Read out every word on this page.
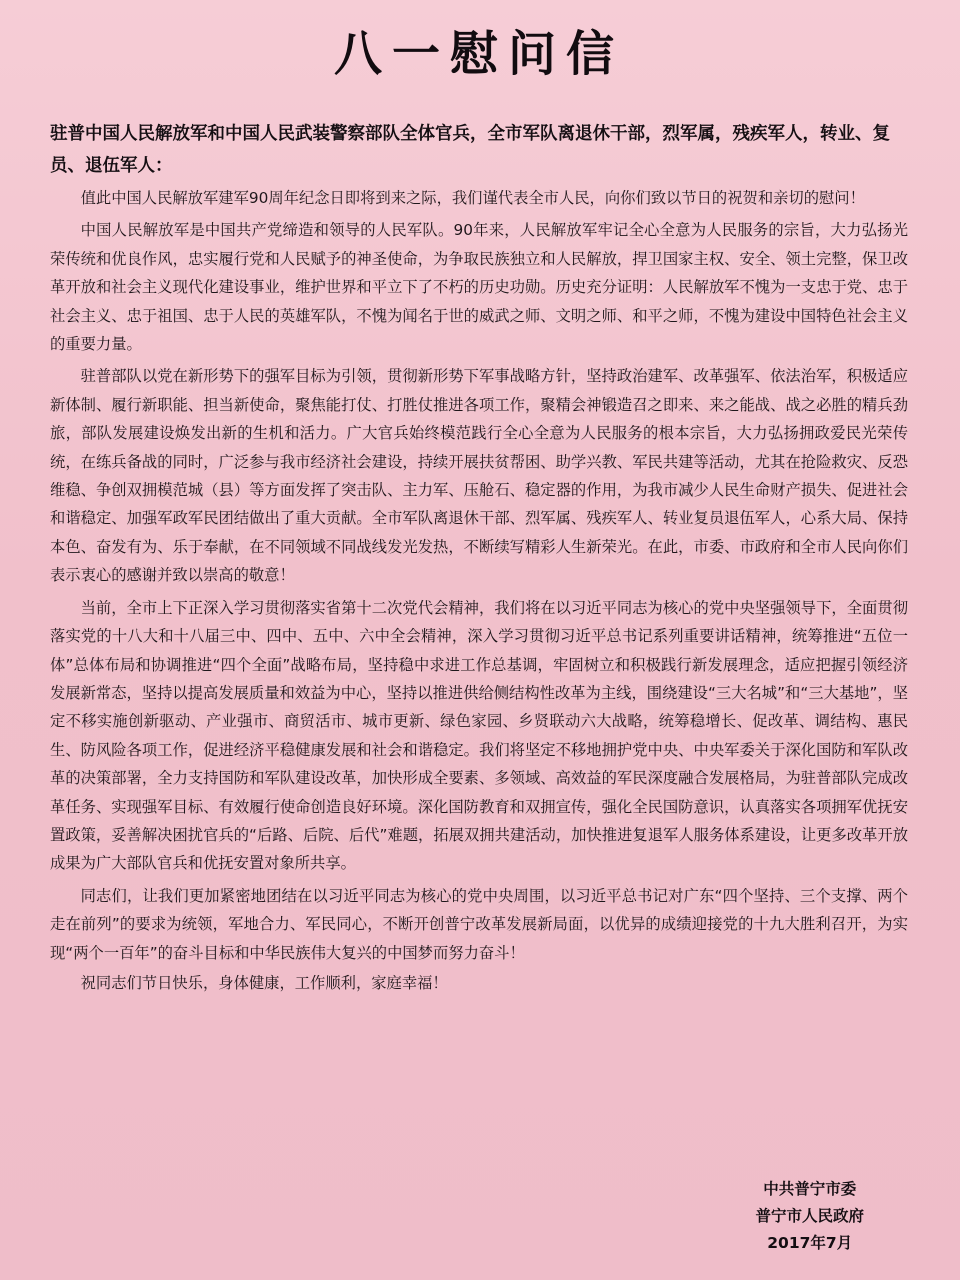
八一慰问信

驻普中国人民解放军和中国人民武装警察部队全体官兵，全市军队离退休干部，烈军属，残疾军人，转业、复员、退伍军人：

值此中国人民解放军建军90周年纪念日即将到来之际，我们谨代表全市人民，向你们致以节日的祝贺和亲切的慰问！

中国人民解放军是中国共产党缔造和领导的人民军队。90年来，人民解放军牢记全心全意为人民服务的宗旨，大力弘扬光荣传统和优良作风，忠实履行党和人民赋予的神圣使命，为争取民族独立和人民解放，捍卫国家主权、安全、领土完整，保卫改革开放和社会主义现代化建设事业，维护世界和平立下了不朽的历史功勋。历史充分证明：人民解放军不愧为一支忠于党、忠于社会主义、忠于祖国、忠于人民的英雄军队，不愧为闻名于世的威武之师、文明之师、和平之师，不愧为建设中国特色社会主义的重要力量。

驻普部队以党在新形势下的强军目标为引领，贯彻新形势下军事战略方针，坚持政治建军、改革强军、依法治军，积极适应新体制、履行新职能、担当新使命，聚焦能打仗、打胜仗推进各项工作，聚精会神锻造召之即来、来之能战、战之必胜的精兵劲旅，部队发展建设焕发出新的生机和活力。广大官兵始终模范践行全心全意为人民服务的根本宗旨，大力弘扬拥政爱民光荣传统，在练兵备战的同时，广泛参与我市经济社会建设，持续开展扶贫帮困、助学兴教、军民共建等活动，尤其在抢险救灾、反恐维稳、争创双拥模范城（县）等方面发挥了突击队、主力军、压舱石、稳定器的作用，为我市减少人民生命财产损失、促进社会和谐稳定、加强军政军民团结做出了重大贡献。全市军队离退休干部、烈军属、残疾军人、转业复员退伍军人，心系大局、保持本色、奋发有为、乐于奉献，在不同领域不同战线发光发热，不断续写精彩人生新荣光。在此，市委、市政府和全市人民向你们表示衷心的感谢并致以崇高的敬意！

当前，全市上下正深入学习贯彻落实省第十二次党代会精神，我们将在以习近平同志为核心的党中央坚强领导下，全面贯彻落实党的十八大和十八届三中、四中、五中、六中全会精神，深入学习贯彻习近平总书记系列重要讲话精神，统筹推进“五位一体”总体布局和协调推进“四个全面”战略布局，坚持稳中求进工作总基调，牢固树立和积极践行新发展理念，适应把握引领经济发展新常态，坚持以提高发展质量和效益为中心，坚持以推进供给侧结构性改革为主线，围绕建设“三大名城”和“三大基地”，坚定不移实施创新驱动、产业强市、商贸活市、城市更新、绿色家园、乡贤联动六大战略，统筹稳增长、促改革、调结构、惠民生、防风险各项工作，促进经济平稳健康发展和社会和谐稳定。我们将坚定不移地拥护党中央、中央军委关于深化国防和军队改革的决策部署，全力支持国防和军队建设改革，加快形成全要素、多领域、高效益的军民深度融合发展格局，为驻普部队完成改革任务、实现强军目标、有效履行使命创造良好环境。深化国防教育和双拥宣传，强化全民国防意识，认真落实各项拥军优抚安置政策，妥善解决困扰官兵的“后路、后院、后代”难题，拓展双拥共建活动，加快推进复退军人服务体系建设，让更多改革开放成果为广大部队官兵和优抚安置对象所共享。

同志们，让我们更加紧密地团结在以习近平同志为核心的党中央周围，以习近平总书记对广东“四个坚持、三个支撑、两个走在前列”的要求为统领，军地合力、军民同心，不断开创普宁改革发展新局面，以优异的成绩迎接党的十九大胜利召开，为实现“两个一百年”的奋斗目标和中华民族伟大复兴的中国梦而努力奋斗！

祝同志们节日快乐，身体健康，工作顺利，家庭幸福！

中共普宁市委
普宁市人民政府
2017年7月
